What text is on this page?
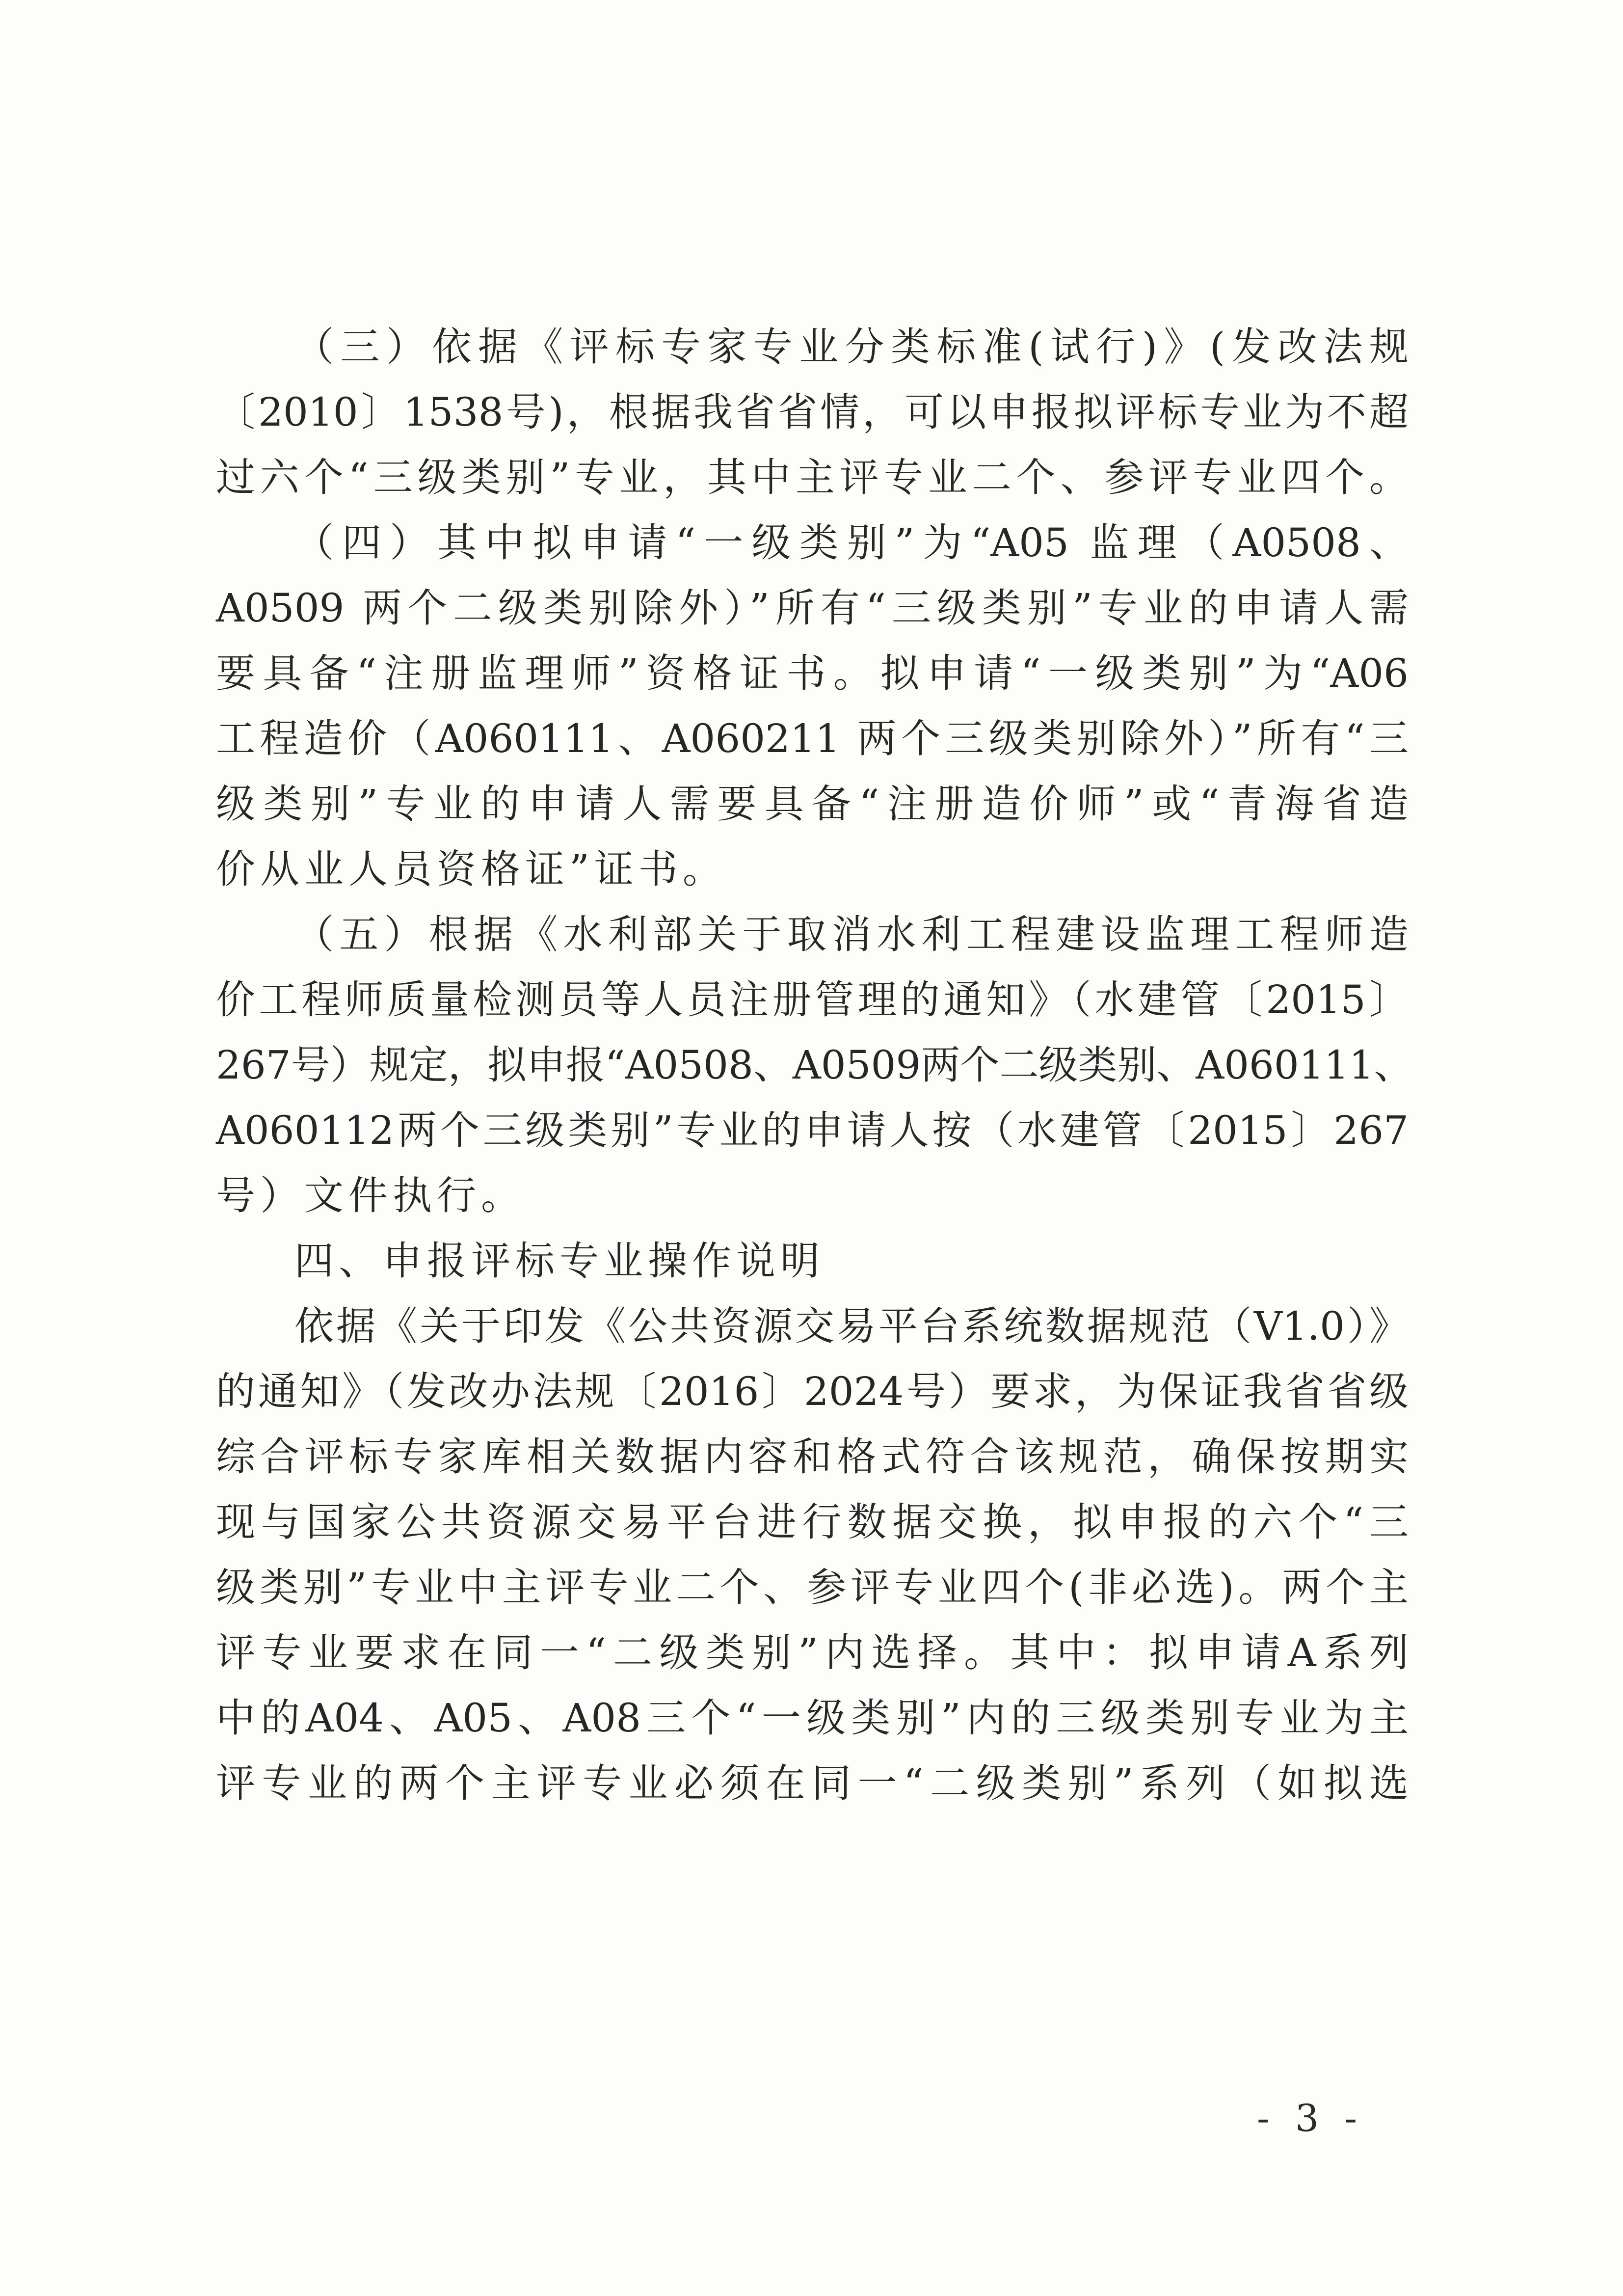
（三）依据《评标专家专业分类标准(试行)》(发改法规
〔2010〕1538号)，根据我省省情，可以申报拟评标专业为不超
过六个“三级类别”专业，其中主评专业二个、参评专业四个。
（四）其中拟申请“一级类别”为“A05 监理（A0508、
A0509 两个二级类别除外）”所有“三级类别”专业的申请人需
要具备“注册监理师”资格证书。拟申请“一级类别”为“A06
工程造价（A060111、A060211 两个三级类别除外）”所有“三
级类别”专业的申请人需要具备“注册造价师”或“青海省造
价从业人员资格证”证书。
（五）根据《水利部关于取消水利工程建设监理工程师造
价工程师质量检测员等人员注册管理的通知》（水建管〔2015〕
267号）规定，拟申报“A0508、A0509两个二级类别、A060111、
A060112两个三级类别”专业的申请人按（水建管〔2015〕267
号）文件执行。
四、申报评标专业操作说明
依据《关于印发《公共资源交易平台系统数据规范（V1.0）》
的通知》（发改办法规〔2016〕2024号）要求，为保证我省省级
综合评标专家库相关数据内容和格式符合该规范，确保按期实
现与国家公共资源交易平台进行数据交换，拟申报的六个“三
级类别”专业中主评专业二个、参评专业四个(非必选)。两个主
评专业要求在同一“二级类别”内选择。其中：拟申请A系列
中的A04、A05、A08三个“一级类别”内的三级类别专业为主
评专业的两个主评专业必须在同一“二级类别”系列（如拟选
- 3 -
